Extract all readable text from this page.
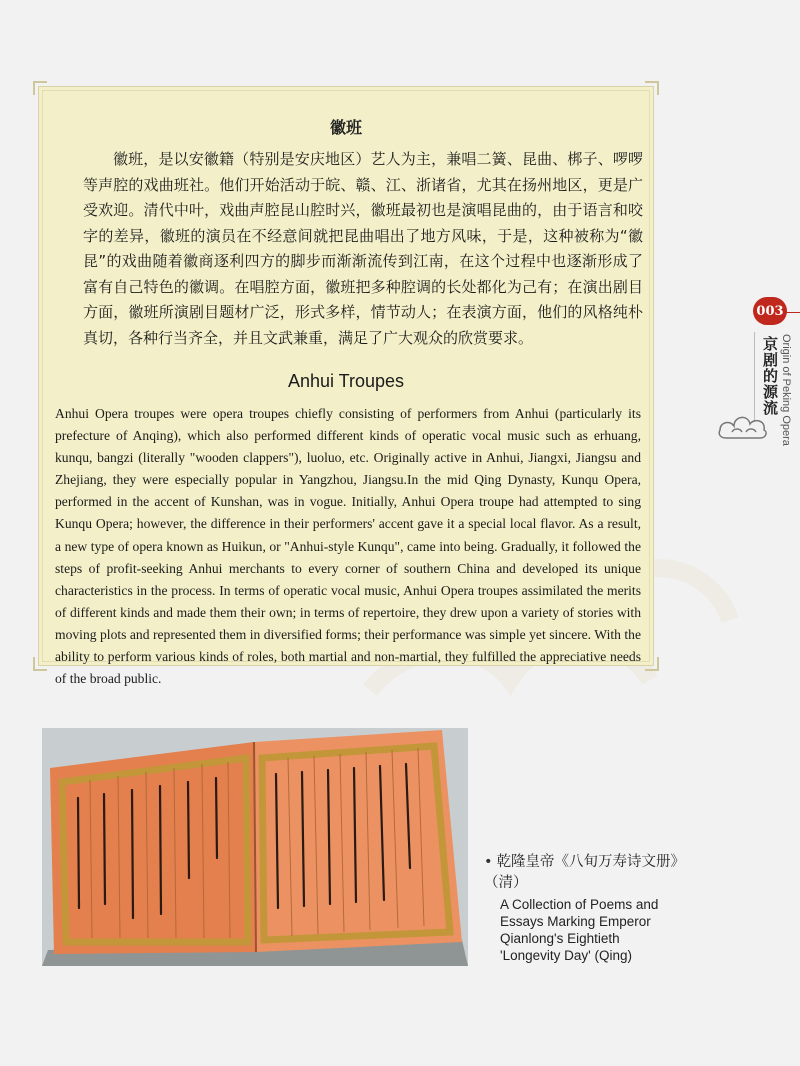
徽班

徽班，是以安徽籍（特别是安庆地区）艺人为主，兼唱二簧、昆曲、梆子、啰啰等声腔的戏曲班社。他们开始活动于皖、赣、江、浙诸省，尤其在扬州地区，更是广受欢迎。清代中叶，戏曲声腔昆山腔时兴，徽班最初也是演唱昆曲的，由于语言和咬字的差异，徽班的演员在不经意间就把昆曲唱出了地方风味，于是，这种被称为“徽昆”的戏曲随着徽商逐利四方的脚步而渐渐流传到江南，在这个过程中也逐渐形成了富有自己特色的徽调。在唱腔方面，徽班把多种腔调的长处都化为己有；在演出剧目方面，徽班所演剧目题材广泛，形式多样，情节动人；在表演方面，他们的风格纯朴真切，各种行当齐全，并且文武兼重，满足了广大观众的欣赏要求。

Anhui Troupes

Anhui Opera troupes were opera troupes chiefly consisting of performers from Anhui (particularly its prefecture of Anqing), which also performed different kinds of operatic vocal music such as erhuang, kunqu, bangzi (literally "wooden clappers"), luoluo, etc. Originally active in Anhui, Jiangxi, Jiangsu and Zhejiang, they were especially popular in Yangzhou, Jiangsu.In the mid Qing Dynasty, Kunqu Opera, performed in the accent of Kunshan, was in vogue. Initially, Anhui Opera troupe had attempted to sing Kunqu Opera; however, the difference in their performers' accent gave it a special local flavor. As a result, a new type of opera known as Huikun, or "Anhui-style Kunqu", came into being. Gradually, it followed the steps of profit-seeking Anhui merchants to every corner of southern China and developed its unique characteristics in the process. In terms of operatic vocal music, Anhui Opera troupes assimilated the merits of different kinds and made them their own; in terms of repertoire, they drew upon a variety of stories with moving plots and represented them in diversified forms; their performance was simple yet sincere. With the ability to perform various kinds of roles, both martial and non-martial, they fulfilled the appreciative needs of the broad public.

003
Origin of Peking Opera
京剧的源流
• 乾隆皇帝《八旬万寿诗文册》（清）
A Collection of Poems and Essays Marking Emperor Qianlong's Eightieth 'Longevity Day' (Qing)
